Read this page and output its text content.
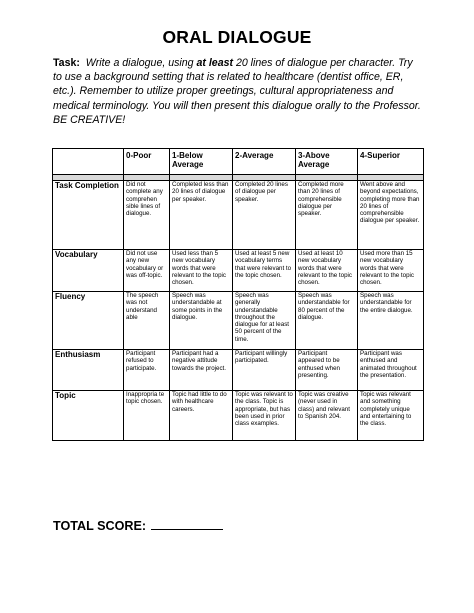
ORAL DIALOGUE
Task: Write a dialogue, using at least 20 lines of dialogue per character. Try to use a background setting that is related to healthcare (dentist office, ER, etc.). Remember to utilize proper greetings, cultural appropriateness and medical terminology. You will then present this dialogue orally to the Professor. BE CREATIVE!
	0-Poor	1-Below Average	2-Average	3-Above Average	4-Superior

Task Completion	Did not complete any comprehen sible lines of dialogue.	Completed less than 20 lines of dialogue per speaker.	Completed 20 lines of dialogue per speaker.	Completed more than 20 lines of comprehensible dialogue per speaker.	Went above and beyond expectations, completing more than 20 lines of comprehensible dialogue per speaker.
Vocabulary	Did not use any new vocabulary or was off-topic.	Used less than 5 new vocabulary words that were relevant to the topic chosen.	Used at least 5 new vocabulary terms that were relevant to the topic chosen.	Used at least 10 new vocabulary words that were relevant to the topic chosen.	Used more than 15 new vocabulary words that were relevant to the topic chosen.
Fluency	The speech was not understand able	Speech was understandable at some points in the dialogue.	Speech was generally understandable throughout the dialogue for at least 50 percent of the time.	Speech was understandable for 80 percent of the dialogue.	Speech was understandable for the entire dialogue.
Enthusiasm	Participant refused to participate.	Participant had a negative attitude towards the project.	Participant willingly participated.	Participant appeared to be enthused when presenting.	Participant was enthused and animated throughout the presentation.
Topic	Inappropria te topic chosen.	Topic had little to do with healthcare careers.	Topic was relevant to the class. Topic is appropriate, but has been used in prior class examples.	Topic was creative (never used in class) and relevant to Spanish 204.	Topic was relevant and something completely unique and entertaining to the class.
TOTAL SCORE:
